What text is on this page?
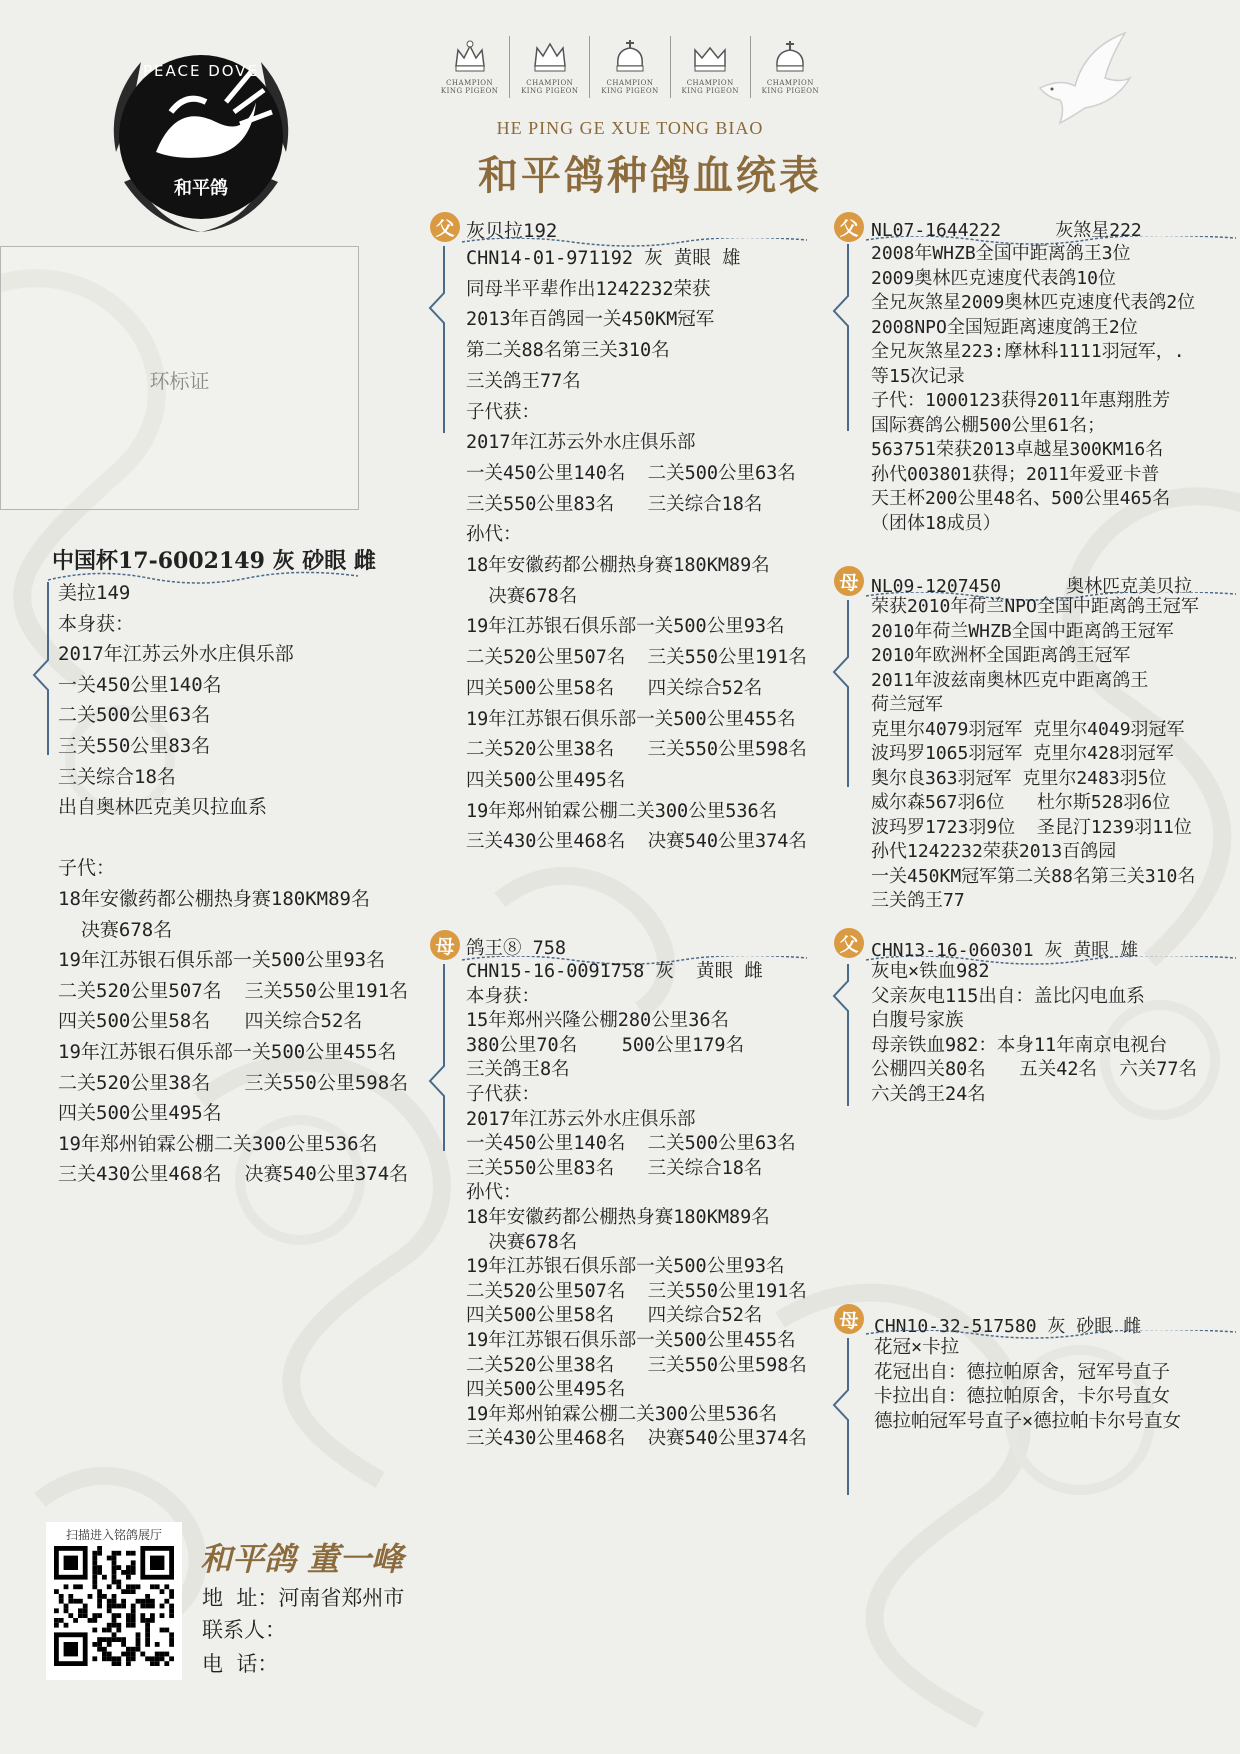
PEACE DOVE
和平鸽
CHAMPION
KING PIGEON
CHAMPION
KING PIGEON
CHAMPION
KING PIGEON
CHAMPION
KING PIGEON
CHAMPION
KING PIGEON
HE PING GE XUE TONG BIAO
和平鸽种鸽血统表
环标证
中国杯17-6002149 灰 砂眼 雌
美拉149
本身获：
2017年江苏云外水庄俱乐部
一关450公里140名
二关500公里63名
三关550公里83名
三关综合18名
出自奥林匹克美贝拉血系

子代：
18年安徽药都公棚热身赛180KM89名
决赛678名
19年江苏银石俱乐部一关500公里93名
二关520公里507名  三关550公里191名
四关500公里58名   四关综合52名
19年江苏银石俱乐部一关500公里455名
二关520公里38名   三关550公里598名
四关500公里495名
19年郑州铂霖公棚二关300公里536名
三关430公里468名  决赛540公里374名
父 灰贝拉192
CHN14-01-971192 灰 黄眼 雄
同母半平辈作出1242232荣获
2013年百鸽园一关450KM冠军
第二关88名第三关310名
三关鸽王77名
子代获：
2017年江苏云外水庄俱乐部
一关450公里140名  二关500公里63名
三关550公里83名   三关综合18名
孙代：
18年安徽药都公棚热身赛180KM89名
决赛678名
19年江苏银石俱乐部一关500公里93名
二关520公里507名  三关550公里191名
四关500公里58名   四关综合52名
19年江苏银石俱乐部一关500公里455名
二关520公里38名   三关550公里598名
四关500公里495名
19年郑州铂霖公棚二关300公里536名
三关430公里468名  决赛540公里374名
母 鸽王⑧ 758
CHN15-16-0091758 灰  黄眼 雌
本身获：
15年郑州兴隆公棚280公里36名
380公里70名    500公里179名
三关鸽王8名
子代获：
2017年江苏云外水庄俱乐部
一关450公里140名  二关500公里63名
三关550公里83名   三关综合18名
孙代：
18年安徽药都公棚热身赛180KM89名
决赛678名
19年江苏银石俱乐部一关500公里93名
二关520公里507名  三关550公里191名
四关500公里58名   四关综合52名
19年江苏银石俱乐部一关500公里455名
二关520公里38名   三关550公里598名
四关500公里495名
19年郑州铂霖公棚二关300公里536名
三关430公里468名  决赛540公里374名
父 NL07-1644222     灰煞星222
2008年WHZB全国中距离鸽王3位
2009奥林匹克速度代表鸽10位
全兄灰煞星2009奥林匹克速度代表鸽2位
2008NPO全国短距离速度鸽王2位
全兄灰煞星223:摩林科1111羽冠军，.
等15次记录
子代：1000123获得2011年惠翔胜芳
国际赛鸽公棚500公里61名；
563751荣获2013卓越星300KM16名
孙代003801获得；2011年爱亚卡普
天王杯200公里48名、500公里465名
（团体18成员）
母 NL09-1207450      奥林匹克美贝拉
荣获2010年荷兰NPO全国中距离鸽王冠军
2010年荷兰WHZB全国中距离鸽王冠军
2010年欧洲杯全国距离鸽王冠军
2011年波兹南奥林匹克中距离鸽王
荷兰冠军
克里尔4079羽冠军 克里尔4049羽冠军
波玛罗1065羽冠军 克里尔428羽冠军
奥尔良363羽冠军 克里尔2483羽5位
威尔森567羽6位   杜尔斯528羽6位
波玛罗1723羽9位  圣昆汀1239羽11位
孙代1242232荣获2013百鸽园
一关450KM冠军第二关88名第三关310名
三关鸽王77
父 CHN13-16-060301 灰 黄眼 雄
灰电×铁血982
父亲灰电115出自：盖比闪电血系
白腹号家族
母亲铁血982：本身11年南京电视台
公棚四关80名   五关42名  六关77名
六关鸽王24名
母 CHN10-32-517580 灰 砂眼 雌
花冠×卡拉
花冠出自：德拉帕原舍，冠军号直子
卡拉出自：德拉帕原舍，卡尔号直女
德拉帕冠军号直子×德拉帕卡尔号直女
扫描进入铭鸽展厅
和平鸽 董一峰
地  址：河南省郑州市
联系人：
电  话：
